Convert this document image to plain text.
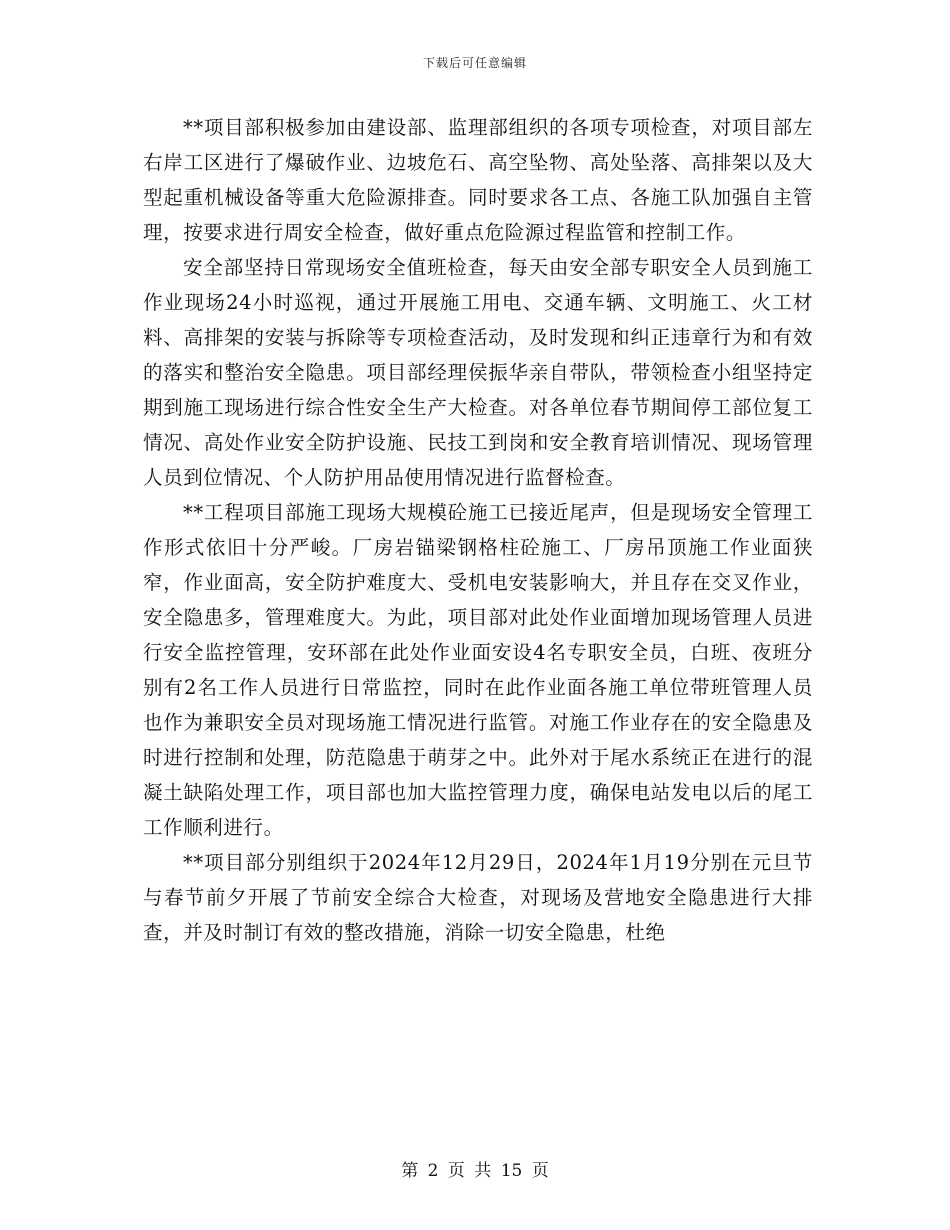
下载后可任意编辑

**项目部积极参加由建设部、监理部组织的各项专项检查，对项目部左右岸工区进行了爆破作业、边坡危石、高空坠物、高处坠落、高排架以及大型起重机械设备等重大危险源排查。同时要求各工点、各施工队加强自主管理，按要求进行周安全检查，做好重点危险源过程监管和控制工作。

安全部坚持日常现场安全值班检查，每天由安全部专职安全人员到施工作业现场24小时巡视，通过开展施工用电、交通车辆、文明施工、火工材料、高排架的安装与拆除等专项检查活动，及时发现和纠正违章行为和有效的落实和整治安全隐患。项目部经理侯振华亲自带队，带领检查小组坚持定期到施工现场进行综合性安全生产大检查。对各单位春节期间停工部位复工情况、高处作业安全防护设施、民技工到岗和安全教育培训情况、现场管理人员到位情况、个人防护用品使用情况进行监督检查。

**工程项目部施工现场大规模砼施工已接近尾声，但是现场安全管理工作形式依旧十分严峻。厂房岩锚梁钢格柱砼施工、厂房吊顶施工作业面狭窄，作业面高，安全防护难度大、受机电安装影响大，并且存在交叉作业，安全隐患多，管理难度大。为此，项目部对此处作业面增加现场管理人员进行安全监控管理，安环部在此处作业面安设4名专职安全员，白班、夜班分别有2名工作人员进行日常监控，同时在此作业面各施工单位带班管理人员也作为兼职安全员对现场施工情况进行监管。对施工作业存在的安全隐患及时进行控制和处理，防范隐患于萌芽之中。此外对于尾水系统正在进行的混凝土缺陷处理工作，项目部也加大监控管理力度，确保电站发电以后的尾工工作顺利进行。

**项目部分别组织于2024年12月29日，2024年1月19分别在元旦节与春节前夕开展了节前安全综合大检查，对现场及营地安全隐患进行大排查，并及时制订有效的整改措施，消除一切安全隐患，杜绝

第 2 页 共 15 页
